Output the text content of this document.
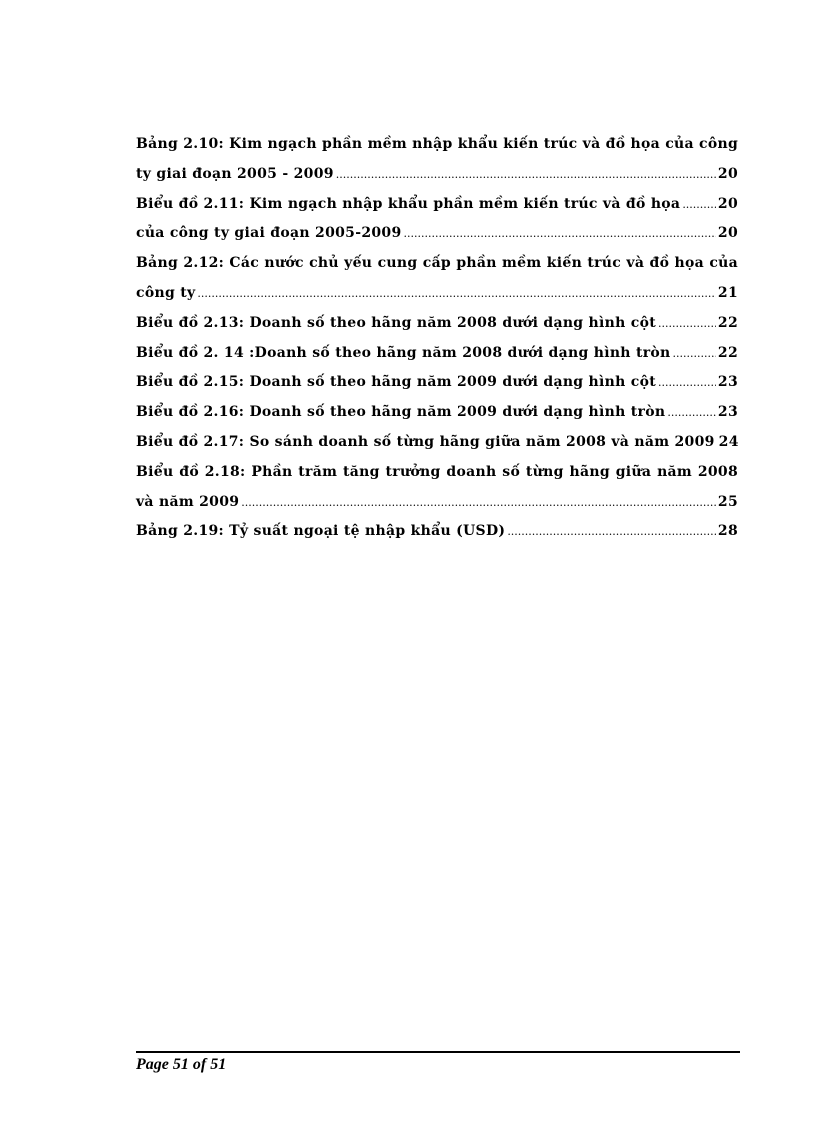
Bảng 2.10: Kim ngạch phần mềm nhập khẩu kiến trúc và đồ họa của công
ty giai đoạn 2005 - 2009 .....	20
Biểu đồ 2.11: Kim ngạch nhập khẩu phần mềm kiến trúc và đồ họa .....	20
của công ty giai đoạn 2005-2009 .....	20
Bảng 2.12: Các nước chủ yếu cung cấp phần mềm kiến trúc và đồ họa của
công ty .....	21
Biểu đồ 2.13: Doanh số theo hãng năm 2008 dưới dạng hình cột .....	22
Biểu đồ 2. 14 :Doanh số theo hãng năm 2008 dưới dạng hình tròn .....	22
Biểu đồ 2.15: Doanh số theo hãng năm 2009 dưới dạng hình cột .....	23
Biểu đồ 2.16: Doanh số theo hãng năm 2009 dưới dạng hình tròn .....	23
Biểu đồ 2.17: So sánh doanh số từng hãng giữa năm 2008 và năm 2009 24
Biểu đồ 2.18: Phần trăm tăng trưởng doanh số từng hãng giữa năm 2008
và năm 2009 .....	25
Bảng 2.19: Tỷ suất ngoại tệ nhập khẩu (USD) .....	28
Page 51 of 51
